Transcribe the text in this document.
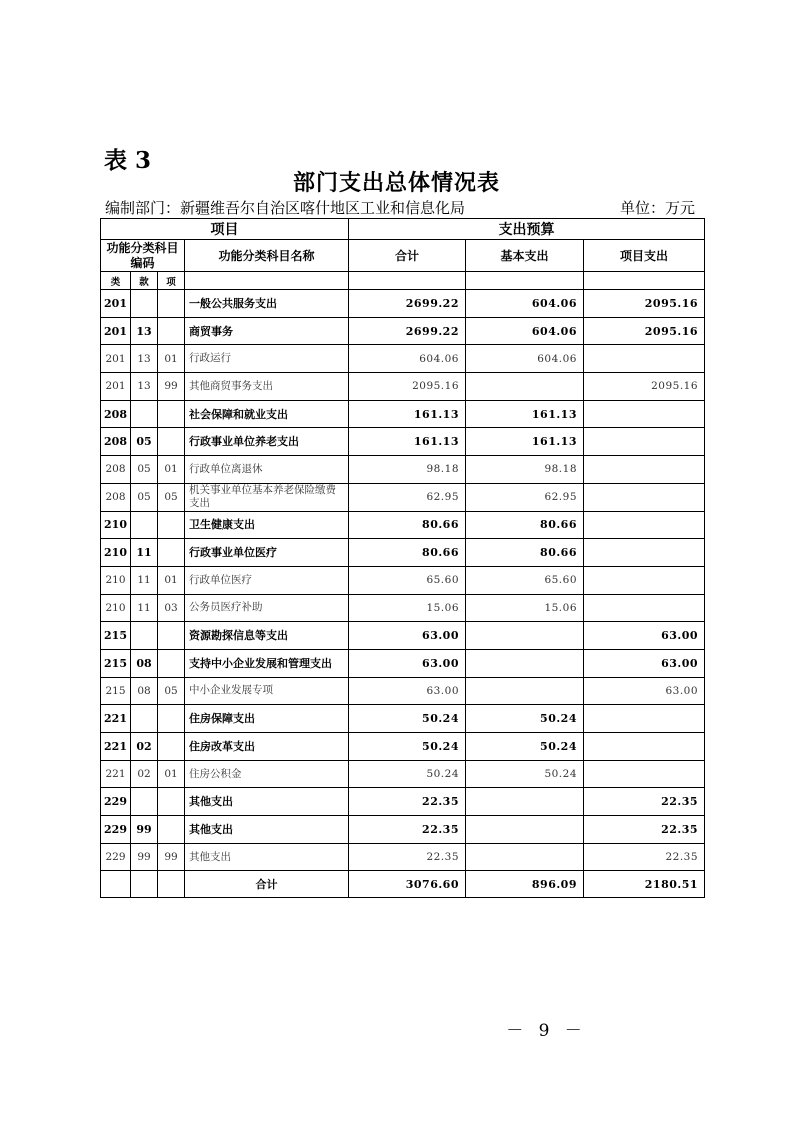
表 3
部门支出总体情况表
编制部门：新疆维吾尔自治区喀什地区工业和信息化局	单位：万元
项目				支出预算		
功能分类科目编码			功能分类科目名称	合计	基本支出	项目支出
类	款	项				
201			一般公共服务支出	2699.22	604.06	2095.16
201	13		商贸事务	2699.22	604.06	2095.16
201	13	01	行政运行	604.06	604.06	
201	13	99	其他商贸事务支出	2095.16		2095.16
208			社会保障和就业支出	161.13	161.13	
208	05		行政事业单位养老支出	161.13	161.13	
208	05	01	行政单位离退休	98.18	98.18	
208	05	05	机关事业单位基本养老保险缴费支出	62.95	62.95	
210			卫生健康支出	80.66	80.66	
210	11		行政事业单位医疗	80.66	80.66	
210	11	01	行政单位医疗	65.60	65.60	
210	11	03	公务员医疗补助	15.06	15.06	
215			资源勘探信息等支出	63.00		63.00
215	08		支持中小企业发展和管理支出	63.00		63.00
215	08	05	中小企业发展专项	63.00		63.00
221			住房保障支出	50.24	50.24	
221	02		住房改革支出	50.24	50.24	
221	02	01	住房公积金	50.24	50.24	
229			其他支出	22.35		22.35
229	99		其他支出	22.35		22.35
229	99	99	其他支出	22.35		22.35
			合计	3076.60	896.09	2180.51
－ 9 －
